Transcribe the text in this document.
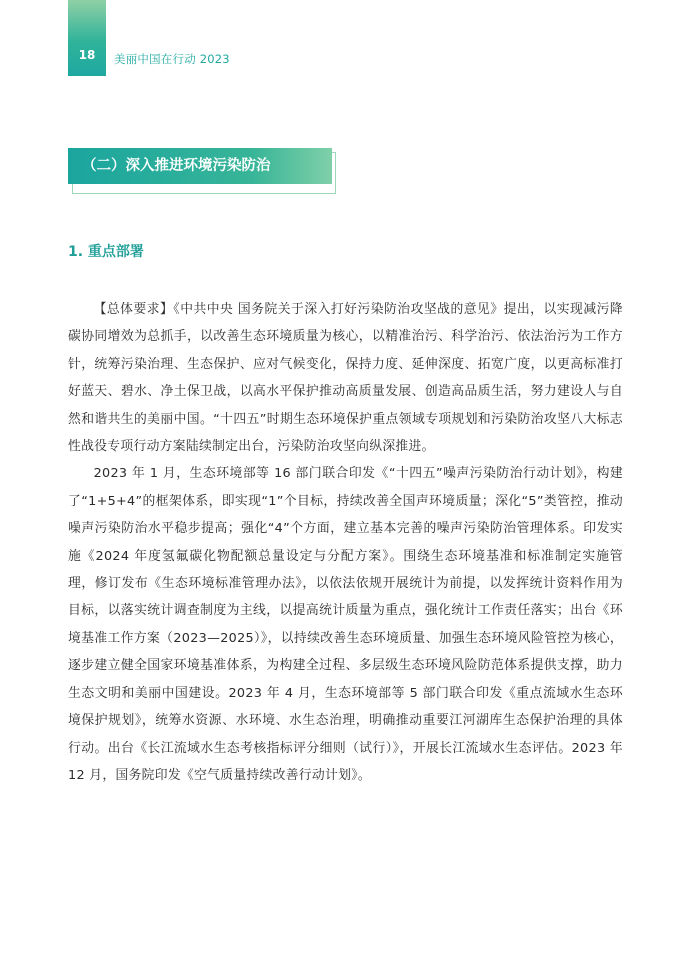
18	美丽中国在行动 2023
（二）深入推进环境污染防治
1. 重点部署

【总体要求】《中共中央 国务院关于深入打好污染防治攻坚战的意见》提出，以实现减污降碳协同增效为总抓手，以改善生态环境质量为核心，以精准治污、科学治污、依法治污为工作方针，统筹污染治理、生态保护、应对气候变化，保持力度、延伸深度、拓宽广度，以更高标准打好蓝天、碧水、净土保卫战，以高水平保护推动高质量发展、创造高品质生活，努力建设人与自然和谐共生的美丽中国。“十四五”时期生态环境保护重点领域专项规划和污染防治攻坚八大标志性战役专项行动方案陆续制定出台，污染防治攻坚向纵深推进。

2023 年 1 月，生态环境部等 16 部门联合印发《“十四五”噪声污染防治行动计划》，构建了“1+5+4”的框架体系，即实现“1”个目标，持续改善全国声环境质量；深化“5”类管控，推动噪声污染防治水平稳步提高；强化“4”个方面，建立基本完善的噪声污染防治管理体系。印发实施《2024 年度氢氟碳化物配额总量设定与分配方案》。围绕生态环境基准和标准制定实施管理，修订发布《生态环境标准管理办法》，以依法依规开展统计为前提，以发挥统计资料作用为目标，以落实统计调查制度为主线，以提高统计质量为重点，强化统计工作责任落实；出台《环境基准工作方案（2023—2025）》，以持续改善生态环境质量、加强生态环境风险管控为核心，逐步建立健全国家环境基准体系，为构建全过程、多层级生态环境风险防范体系提供支撑，助力生态文明和美丽中国建设。2023 年 4 月，生态环境部等 5 部门联合印发《重点流域水生态环境保护规划》，统筹水资源、水环境、水生态治理，明确推动重要江河湖库生态保护治理的具体行动。出台《长江流域水生态考核指标评分细则（试行）》，开展长江流域水生态评估。2023 年 12 月，国务院印发《空气质量持续改善行动计划》。
